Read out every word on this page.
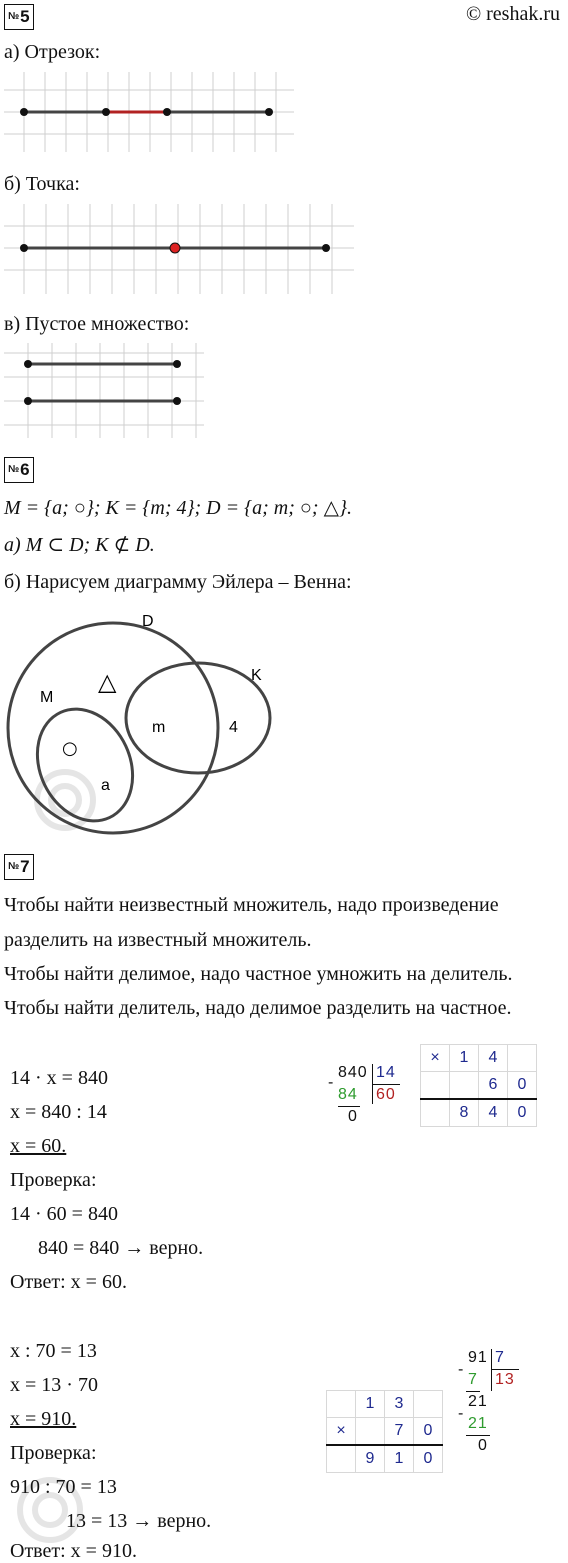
№5	© reshak.ru
а) Отрезок:
б) Точка:
в) Пустое множество:
№6
M = {a; ○}; K = {m; 4}; D = {a; m; ○; △}.
а) M ⊂ D; K ⊄ D.
б) Нарисуем диаграмму Эйлера – Венна:
D
K
M
△
○
m	4
a
№7
Чтобы найти неизвестный множитель, надо произведение
разделить на известный множитель.
Чтобы найти делимое, надо частное умножить на делитель.
Чтобы найти делитель, надо делимое разделить на частное.
14 · x = 840
x = 840 : 14
x = 60.
Проверка:
14 · 60 = 840
840 = 840 → верно.
Ответ: x = 60.
840
-
14
84 60
0
×	1	4	
		6	0
	8	4	0
x : 70 = 13
x = 13 · 70
x = 910.
Проверка:
910 : 70 = 13
13 = 13 → верно.
Ответ: x = 910.
	1	3	
×		7	0
	9	1	0
91 7
-
7 13
21
-
21
0
